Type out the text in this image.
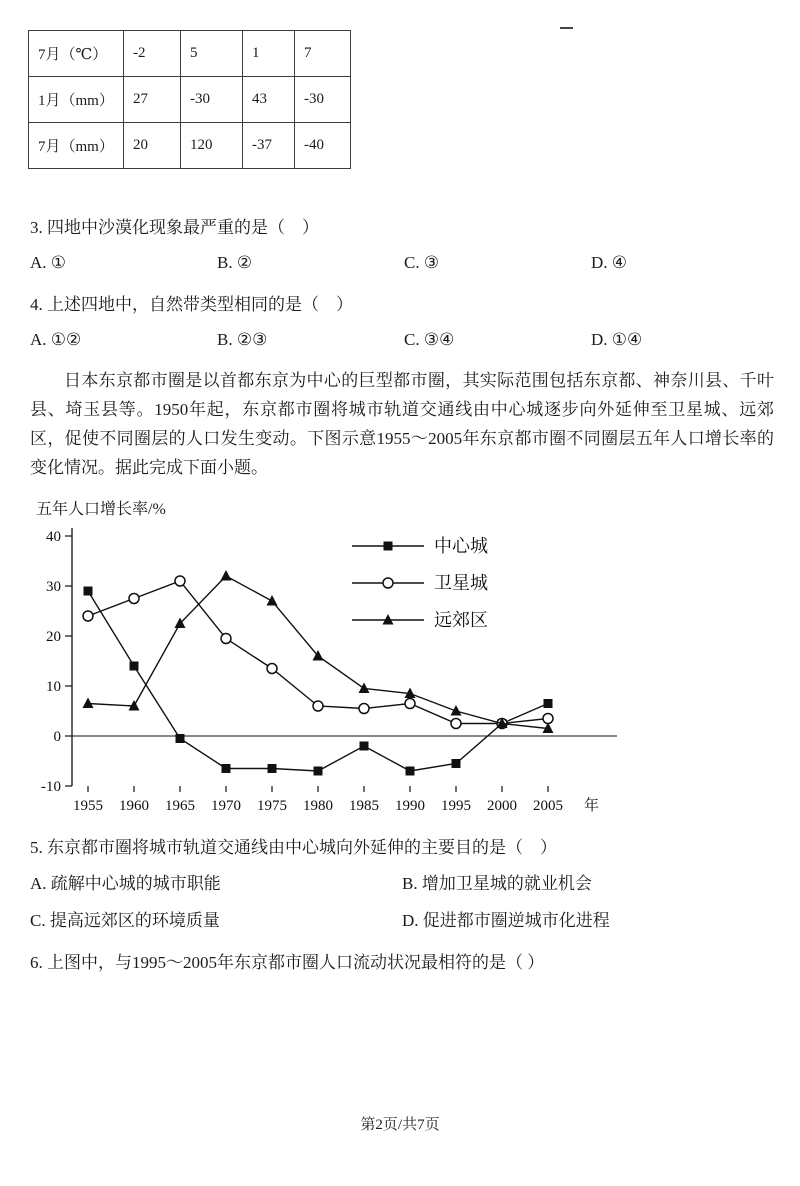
7月（℃）	-2	5	1	7
1月（mm）	27	-30	43	-30
7月（mm）	20	120	-37	-40
3. 四地中沙漠化现象最严重的是（　）
A. ①	B. ②	C. ③	D. ④
4. 上述四地中，自然带类型相同的是（　）
A. ①②	B. ②③	C. ③④	D. ①④
日本东京都市圈是以首都东京为中心的巨型都市圈，其实际范围包括东京都、神奈川县、千叶县、埼玉县等。1950年起，东京都市圈将城市轨道交通线由中心城逐步向外延伸至卫星城、远郊区，促使不同圈层的人口发生变动。下图示意1955～2005年东京都市圈不同圈层五年人口增长率的变化情况。据此完成下面小题。
五年人口增长率/%
40
30
20
10
0
-10
1955 1960 1965 1970 1975 1980 1985 1990 1995 2000 2005 年
中心城
卫星城
远郊区
5. 东京都市圈将城市轨道交通线由中心城向外延伸的主要目的是（　）
A. 疏解中心城的城市职能	B. 增加卫星城的就业机会
C. 提高远郊区的环境质量	D. 促进都市圈逆城市化进程
6. 上图中，与1995～2005年东京都市圈人口流动状况最相符的是（ ）
第2页/共7页
